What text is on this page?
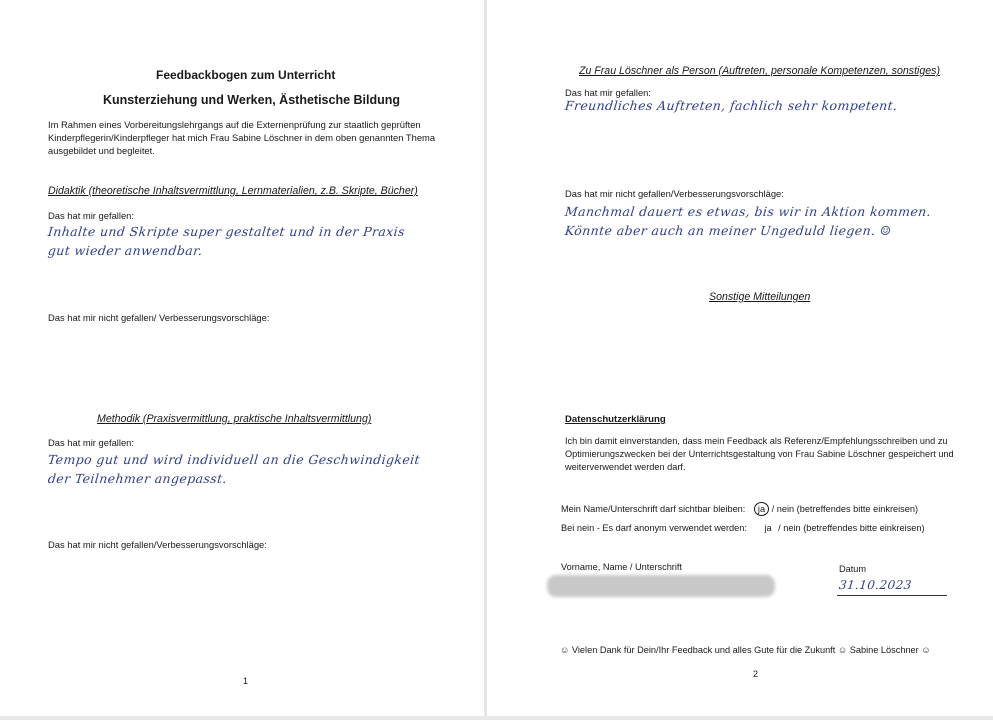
Feedbackbogen zum Unterricht
Kunsterziehung und Werken, Ästhetische Bildung
Im Rahmen eines Vorbereitungslehrgangs auf die Externenprüfung zur staatlich geprüften Kinderpflegerin/Kinderpfleger hat mich Frau Sabine Löschner in dem oben genannten Thema ausgebildet und begleitet.
Didaktik (theoretische Inhaltsvermittlung, Lernmaterialien, z.B. Skripte, Bücher)
Das hat mir gefallen:
Inhalte und Skripte super gestaltet und in der Praxis
gut wieder anwendbar.
Das hat mir nicht gefallen/ Verbesserungsvorschläge:
Methodik (Praxisvermittlung, praktische Inhaltsvermittlung)
Das hat mir gefallen:
Tempo gut und wird individuell an die Geschwindigkeit
der Teilnehmer angepasst.
Das hat mir nicht gefallen/Verbesserungsvorschläge:
1
Zu Frau Löschner als Person (Auftreten, personale Kompetenzen, sonstiges)
Das hat mir gefallen:
Freundliches Auftreten, fachlich sehr kompetent.
Das hat mir nicht gefallen/Verbesserungsvorschläge:
Manchmal dauert es etwas, bis wir in Aktion kommen.
Könnte aber auch an meiner Ungeduld liegen. ☺
Sonstige Mitteilungen
Datenschutzerklärung
Ich bin damit einverstanden, dass mein Feedback als Referenz/Empfehlungsschreiben und zu Optimierungszwecken bei der Unterrichtsgestaltung von Frau Sabine Löschner gespeichert und weiterverwendet werden darf.
Mein Name/Unterschrift darf sichtbar bleiben: ja / nein (betreffendes bitte einkreisen)
Bei nein - Es darf anonym verwendet werden: ja / nein (betreffendes bitte einkreisen)
Vorname, Name / Unterschrift	Datum
31.10.2023
☺ Vielen Dank für Dein/Ihr Feedback und alles Gute für die Zukunft ☺ Sabine Löschner ☺
2
